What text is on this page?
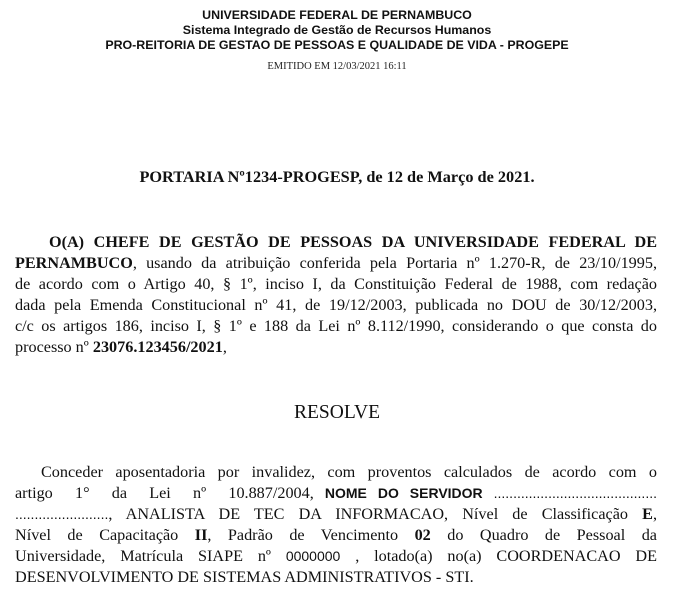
UNIVERSIDADE FEDERAL DE PERNAMBUCO
Sistema Integrado de Gestão de Recursos Humanos
PRO-REITORIA DE GESTAO DE PESSOAS E QUALIDADE DE VIDA - PROGEPE
EMITIDO EM 12/03/2021 16:11
PORTARIA Nº1234-PROGESP, de 12 de Março de 2021.
O(A) CHEFE DE GESTÃO DE PESSOAS DA UNIVERSIDADE FEDERAL DE
PERNAMBUCO, usando da atribuição conferida pela Portaria nº 1.270-R, de 23/10/1995,
de acordo com o Artigo 40, § 1º, inciso I, da Constituição Federal de 1988, com redação
dada pela Emenda Constitucional nº 41, de 19/12/2003, publicada no DOU de 30/12/2003,
c/c os artigos 186, inciso I, § 1º e 188 da Lei nº 8.112/1990, considerando o que consta do
processo nº 23076.123456/2021,
RESOLVE
Conceder aposentadoria por invalidez, com proventos calculados de acordo com o
artigo  1°  da  Lei  nº  10.887/2004, NOME DO SERVIDOR ..........................................
........................, ANALISTA DE TEC DA INFORMACAO, Nível de Classificação E,
Nível de Capacitação II, Padrão de Vencimento 02 do Quadro de Pessoal da
Universidade, Matrícula SIAPE nº 0000000 , lotado(a) no(a) COORDENACAO DE
DESENVOLVIMENTO DE SISTEMAS ADMINISTRATIVOS - STI.
